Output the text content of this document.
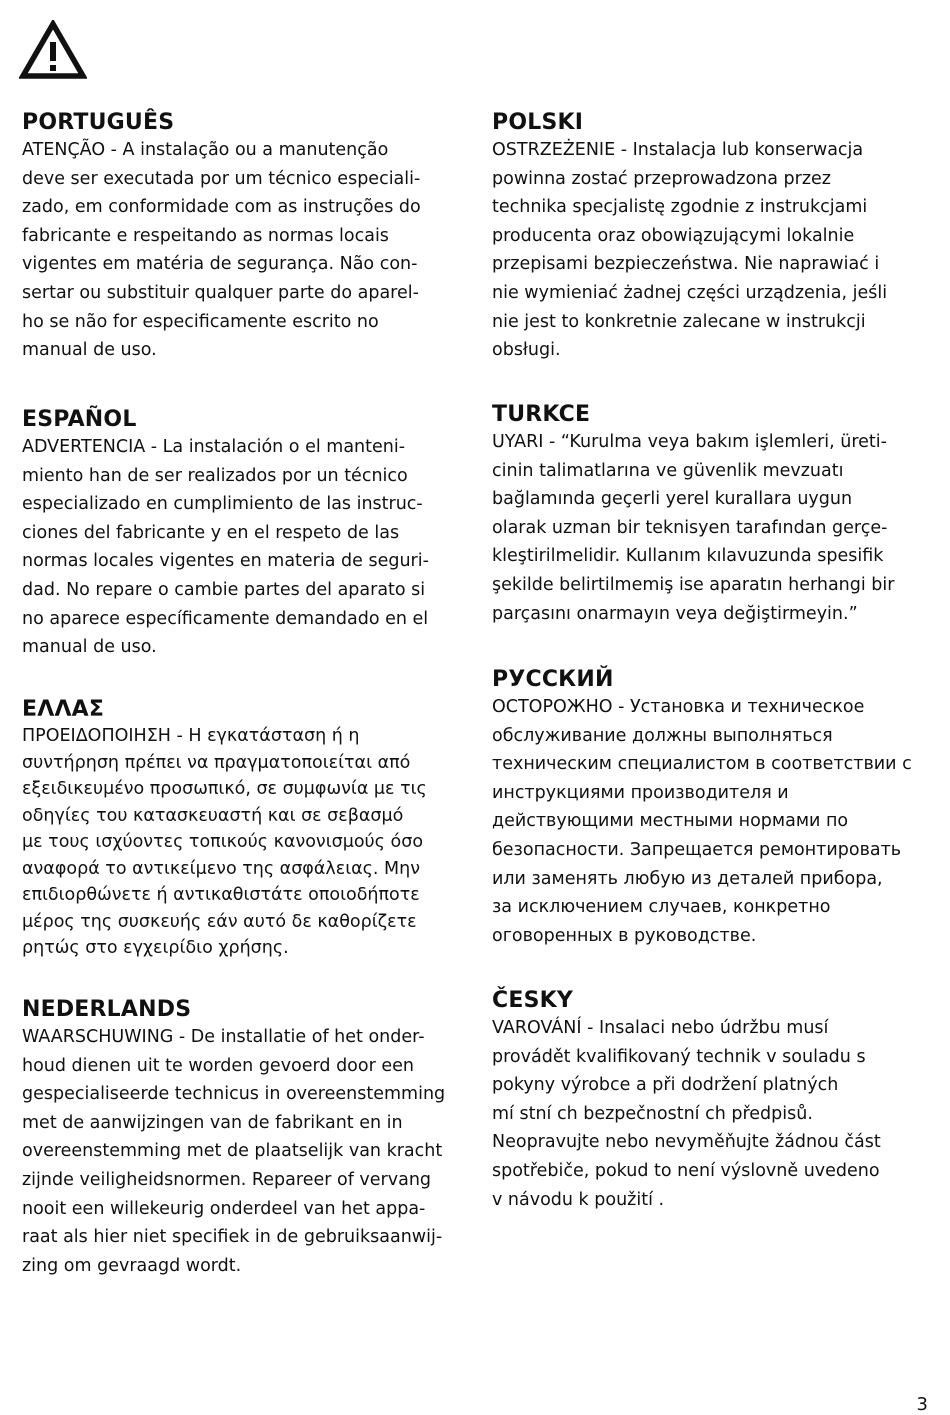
PORTUGUÊS

ATENÇÃO - A instalação ou a manutenção
deve ser executada por um técnico especiali-
zado, em conformidade com as instruções do
fabricante e respeitando as normas locais
vigentes em matéria de segurança. Não con-
sertar ou substituir qualquer parte do aparel-
ho se não for especificamente escrito no
manual de uso.

ESPAÑOL

ADVERTENCIA - La instalación o el manteni-
miento han de ser realizados por un técnico
especializado en cumplimiento de las instruc-
ciones del fabricante y en el respeto de las
normas locales vigentes en materia de seguri-
dad. No repare o cambie partes del aparato si
no aparece específicamente demandado en el
manual de uso.

ΕΛΛΑΣ

ΠΡΟΕΙΔΟΠΟΙΗΣΗ - Η εγκατάσταση ή η
συντήρηση πρέπει να πραγματοποιείται από
εξειδικευμένο προσωπικό, σε συμφωνία με τις
οδηγίες του κατασκευαστή και σε σεβασμό
με τους ισχύοντες τοπικούς κανονισμούς όσο
αναφορά το αντικείμενο της ασφάλειας. Μην
επιδιορθώνετε ή αντικαθιστάτε οποιοδήποτε
μέρος της συσκευής εάν αυτό δε καθορίζετε
ρητώς στο εγχειρίδιο χρήσης.

NEDERLANDS

WAARSCHUWING - De installatie of het onder-
houd dienen uit te worden gevoerd door een
gespecialiseerde technicus in overeenstemming
met de aanwijzingen van de fabrikant en in
overeenstemming met de plaatselijk van kracht
zijnde veiligheidsnormen. Repareer of vervang
nooit een willekeurig onderdeel van het appa-
raat als hier niet specifiek in de gebruiksaanwij-
zing om gevraagd wordt.

POLSKI

OSTRZEŻENIE - Instalacja lub konserwacja
powinna zostać przeprowadzona przez
technika specjalistę zgodnie z instrukcjami
producenta oraz obowiązującymi lokalnie
przepisami bezpieczeństwa. Nie naprawiać i
nie wymieniać żadnej części urządzenia, jeśli
nie jest to konkretnie zalecane w instrukcji
obsługi.

TURKCE

UYARI - “Kurulma veya bakım işlemleri, üreti-
cinin talimatlarına ve güvenlik mevzuatı
bağlamında geçerli yerel kurallara uygun
olarak uzman bir teknisyen tarafından gerçe-
kleştirilmelidir. Kullanım kılavuzunda spesifik
şekilde belirtilmemiş ise aparatın herhangi bir
parçasını onarmayın veya değiştirmeyin.”

РУССКИЙ

ОСТОРОЖНО - Установка и техническое
обслуживание должны выполняться
техническим специалистом в соответствии с
инструкциями производителя и
действующими местными нормами по
безопасности. Запрещается ремонтировать
или заменять любую из деталей прибора,
за исключением случаев, конкретно
оговоренных в руководстве.

ČESKY

VAROVÁNÍ - Insalaci nebo údržbu musí
provádět kvalifikovaný technik v souladu s
pokyny výrobce a při dodržení platných
mí stní ch bezpečnostní ch předpisů.
Neopravujte nebo nevyměňujte žádnou část
spotřebiče, pokud to není výslovně uvedeno
v návodu k použití .

3
